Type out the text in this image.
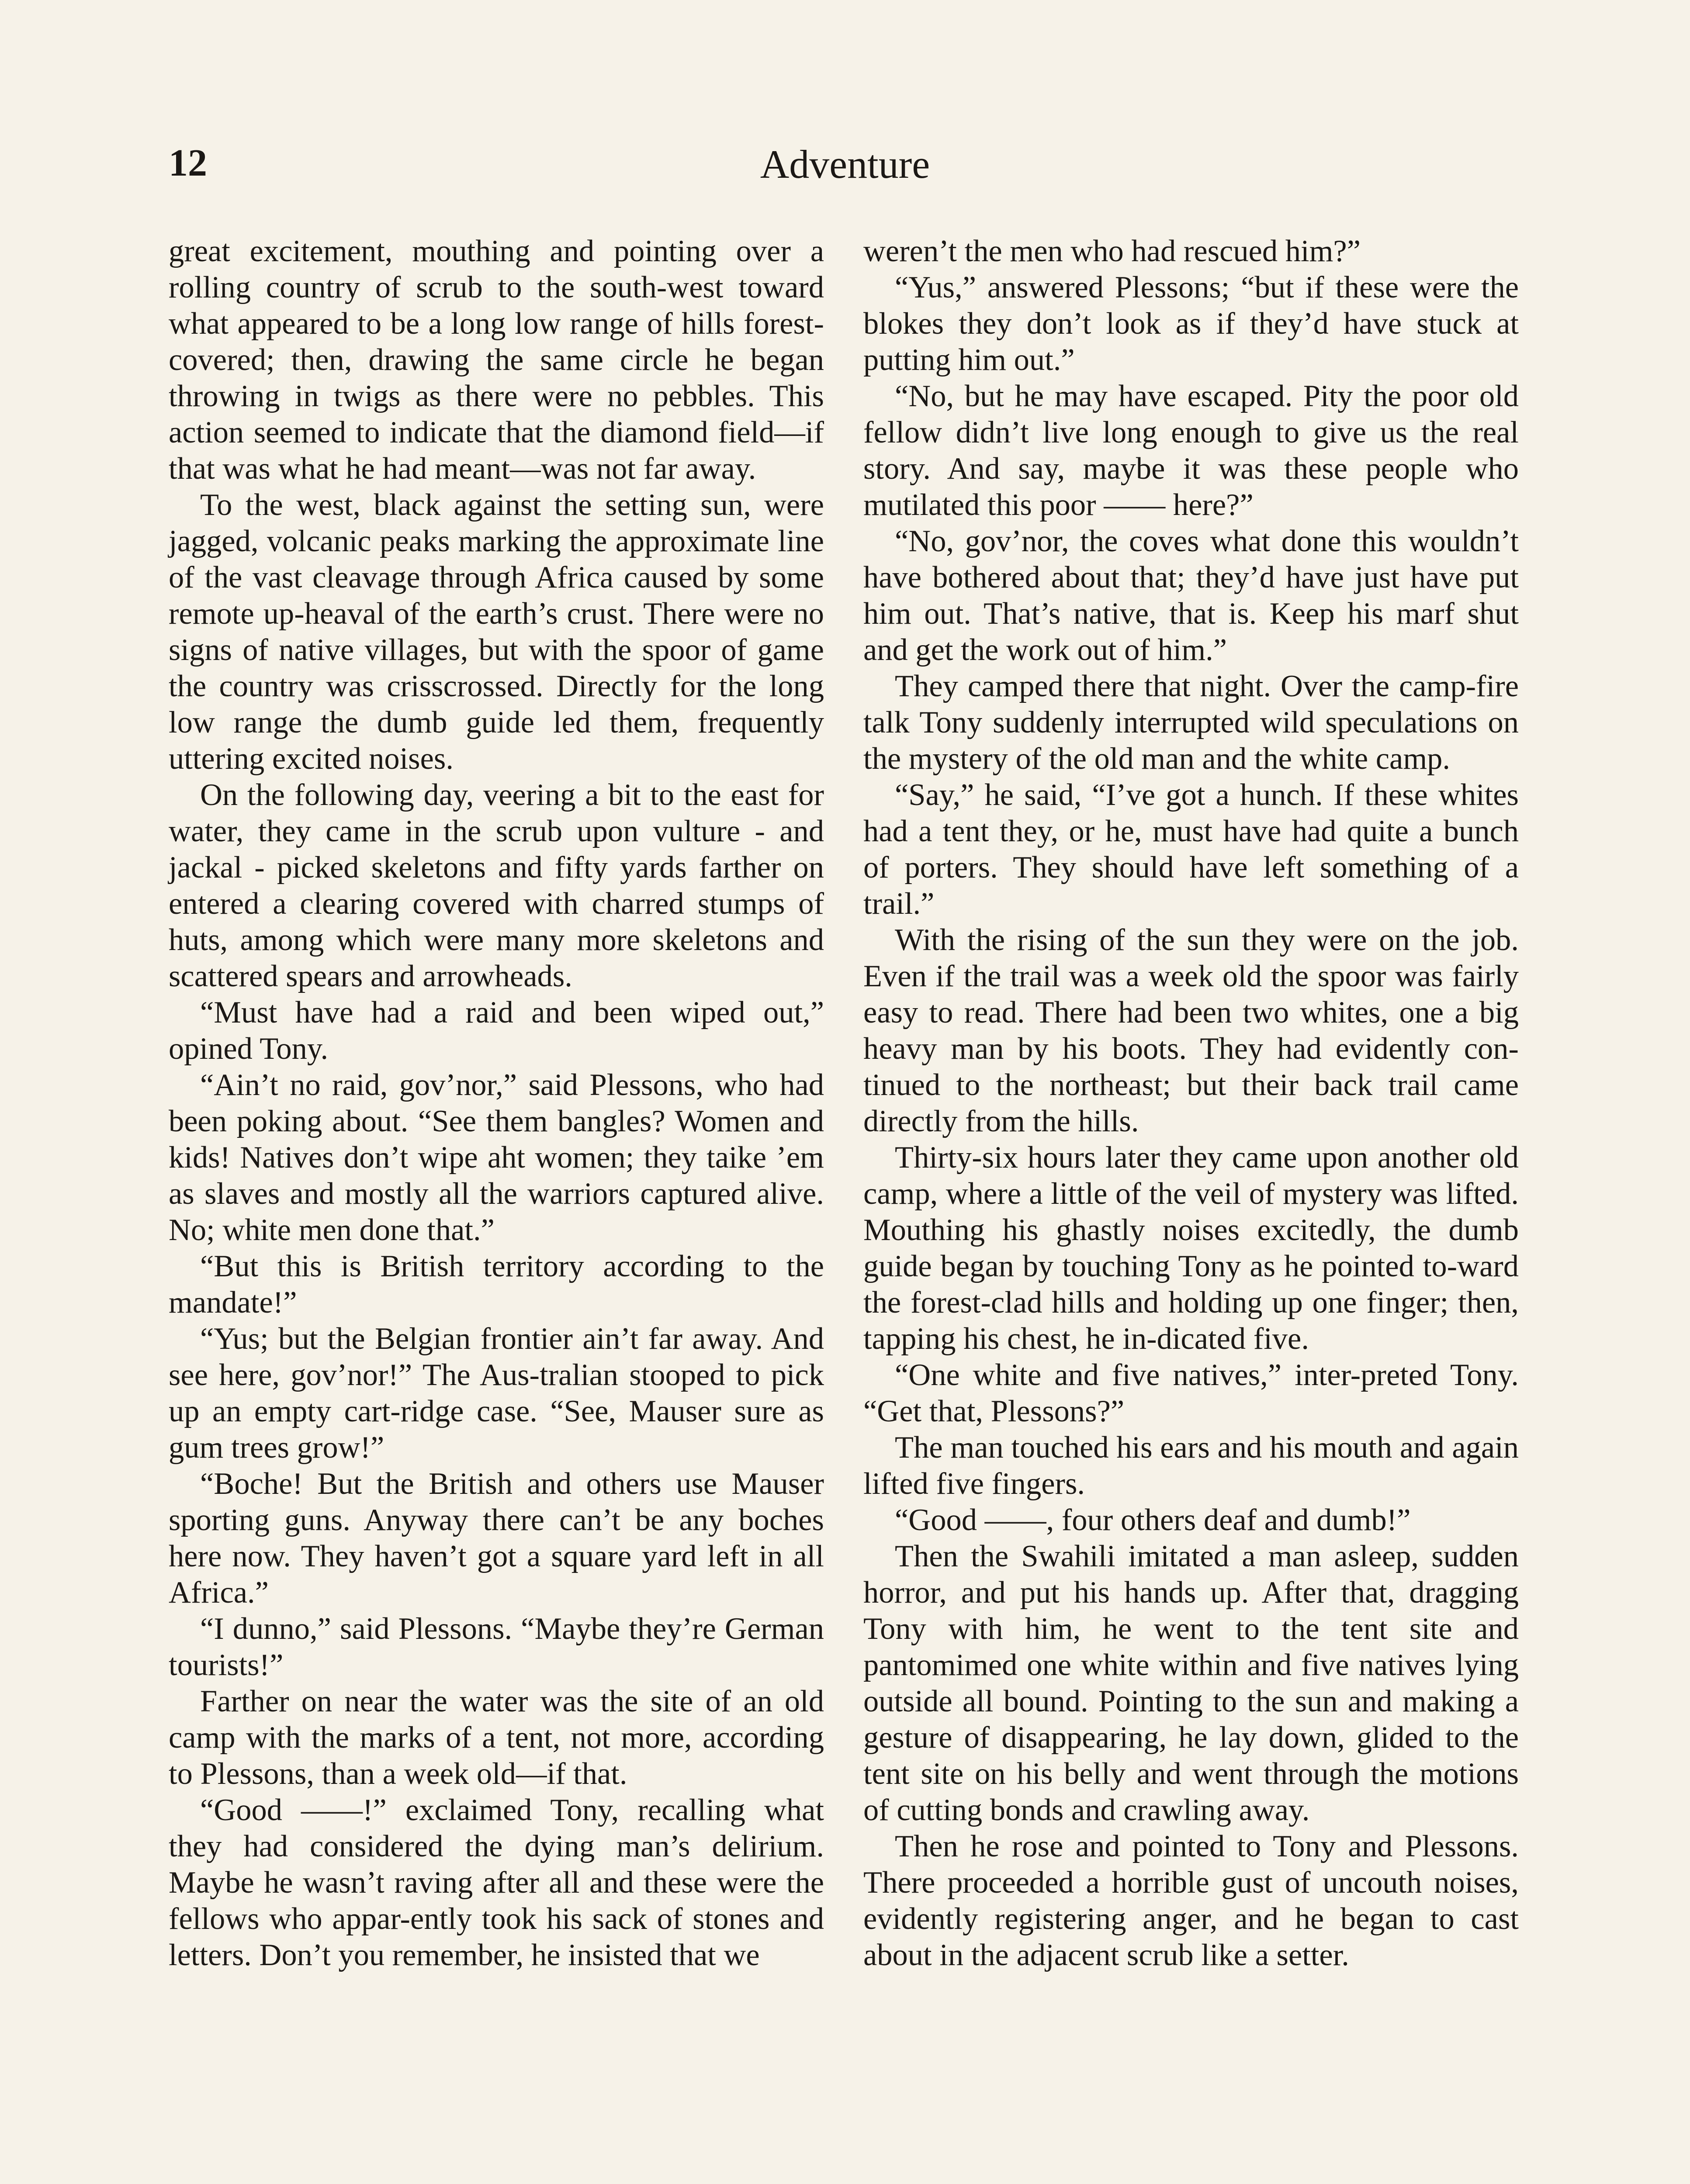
12	Adventure

great excitement, mouthing and pointing over a rolling country of scrub to the south-west toward what appeared to be a long low range of hills forest-covered; then, drawing the same circle he began throwing in twigs as there were no pebbles. This action seemed to indicate that the diamond field—if that was what he had meant—was not far away.

To the west, black against the setting sun, were jagged, volcanic peaks marking the approximate line of the vast cleavage through Africa caused by some remote up-heaval of the earth’s crust. There were no signs of native villages, but with the spoor of game the country was crisscrossed. Directly for the long low range the dumb guide led them, frequently uttering excited noises.

On the following day, veering a bit to the east for water, they came in the scrub upon vulture - and jackal - picked skeletons and fifty yards farther on entered a clearing covered with charred stumps of huts, among which were many more skeletons and scattered spears and arrowheads.

“Must have had a raid and been wiped out,” opined Tony.

“Ain’t no raid, gov’nor,” said Plessons, who had been poking about. “See them bangles? Women and kids! Natives don’t wipe aht women; they taike ’em as slaves and mostly all the warriors captured alive. No; white men done that.”

“But this is British territory according to the mandate!”

“Yus; but the Belgian frontier ain’t far away. And see here, gov’nor!” The Aus-tralian stooped to pick up an empty cart-ridge case. “See, Mauser sure as gum trees grow!”

“Boche! But the British and others use Mauser sporting guns. Anyway there can’t be any boches here now. They haven’t got a square yard left in all Africa.”

“I dunno,” said Plessons. “Maybe they’re German tourists!”

Farther on near the water was the site of an old camp with the marks of a tent, not more, according to Plessons, than a week old—if that.

“Good ——!” exclaimed Tony, recalling what they had considered the dying man’s delirium. Maybe he wasn’t raving after all and these were the fellows who appar-ently took his sack of stones and letters. Don’t you remember, he insisted that we

weren’t the men who had rescued him?”

“Yus,” answered Plessons; “but if these were the blokes they don’t look as if they’d have stuck at putting him out.”

“No, but he may have escaped. Pity the poor old fellow didn’t live long enough to give us the real story. And say, maybe it was these people who mutilated this poor —— here?”

“No, gov’nor, the coves what done this wouldn’t have bothered about that; they’d have just have put him out. That’s native, that is. Keep his marf shut and get the work out of him.”

They camped there that night. Over the camp-fire talk Tony suddenly interrupted wild speculations on the mystery of the old man and the white camp.

“Say,” he said, “I’ve got a hunch. If these whites had a tent they, or he, must have had quite a bunch of porters. They should have left something of a trail.”

With the rising of the sun they were on the job. Even if the trail was a week old the spoor was fairly easy to read. There had been two whites, one a big heavy man by his boots. They had evidently con-tinued to the northeast; but their back trail came directly from the hills.

Thirty-six hours later they came upon another old camp, where a little of the veil of mystery was lifted. Mouthing his ghastly noises excitedly, the dumb guide began by touching Tony as he pointed to-ward the forest-clad hills and holding up one finger; then, tapping his chest, he in-dicated five.

“One white and five natives,” inter-preted Tony. “Get that, Plessons?”

The man touched his ears and his mouth and again lifted five fingers.

“Good ——, four others deaf and dumb!”

Then the Swahili imitated a man asleep, sudden horror, and put his hands up. After that, dragging Tony with him, he went to the tent site and pantomimed one white within and five natives lying outside all bound. Pointing to the sun and making a gesture of disappearing, he lay down, glided to the tent site on his belly and went through the motions of cutting bonds and crawling away.

Then he rose and pointed to Tony and Plessons. There proceeded a horrible gust of uncouth noises, evidently registering anger, and he began to cast about in the adjacent scrub like a setter.
